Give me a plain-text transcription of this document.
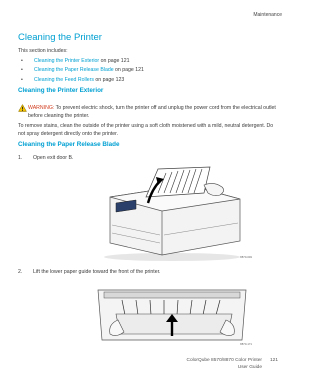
Maintenance
Cleaning the Printer
This section includes:
• Cleaning the Printer Exterior on page 121
• Cleaning the Paper Release Blade on page 121
• Cleaning the Feed Rollers on page 123
Cleaning the Printer Exterior

WARNING: To prevent electric shock, turn the printer off and unplug the power cord from the electrical outlet before cleaning the printer.

To remove stains, clean the outside of the printer using a soft cloth moistened with a mild, neutral detergent. Do not spray detergent directly onto the printer.

Cleaning the Paper Release Blade
1. Open exit door B.
8870-049
2. Lift the lower paper guide toward the front of the printer.
8870-171
ColorQube 8570/8870 Color Printer 121
User Guide
